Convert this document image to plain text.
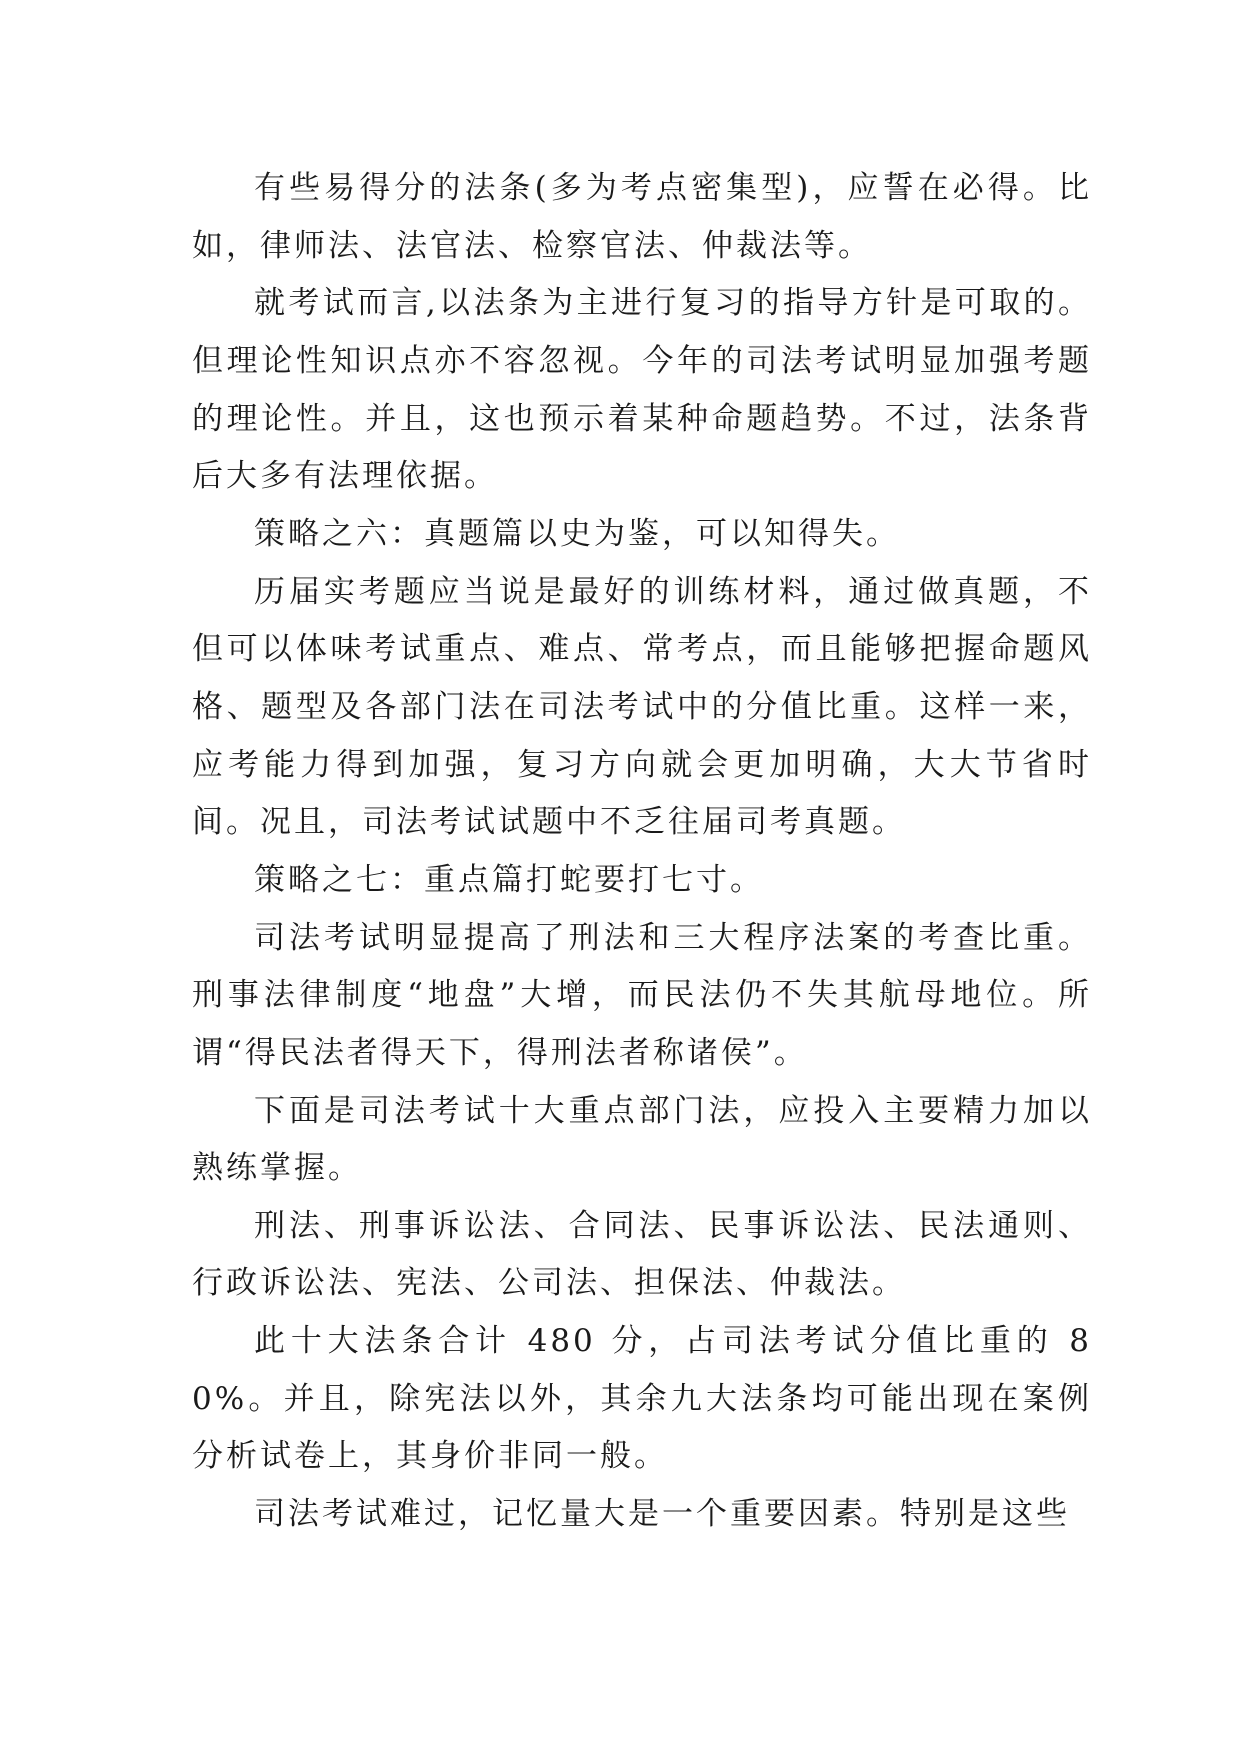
有些易得分的法条(多为考点密集型)，应誓在必得。比如，律师法、法官法、检察官法、仲裁法等。

就考试而言,以法条为主进行复习的指导方针是可取的。但理论性知识点亦不容忽视。今年的司法考试明显加强考题的理论性。并且，这也预示着某种命题趋势。不过，法条背后大多有法理依据。

策略之六：真题篇以史为鉴，可以知得失。

历届实考题应当说是最好的训练材料，通过做真题，不但可以体味考试重点、难点、常考点，而且能够把握命题风格、题型及各部门法在司法考试中的分值比重。这样一来，应考能力得到加强，复习方向就会更加明确，大大节省时间。况且，司法考试试题中不乏往届司考真题。

策略之七：重点篇打蛇要打七寸。

司法考试明显提高了刑法和三大程序法案的考查比重。刑事法律制度“地盘”大增，而民法仍不失其航母地位。所谓“得民法者得天下，得刑法者称诸侯”。

下面是司法考试十大重点部门法，应投入主要精力加以熟练掌握。

刑法、刑事诉讼法、合同法、民事诉讼法、民法通则、行政诉讼法、宪法、公司法、担保法、仲裁法。

此十大法条合计 480 分，占司法考试分值比重的 80%。并且，除宪法以外，其余九大法条均可能出现在案例分析试卷上，其身价非同一般。

司法考试难过，记忆量大是一个重要因素。特别是这些
